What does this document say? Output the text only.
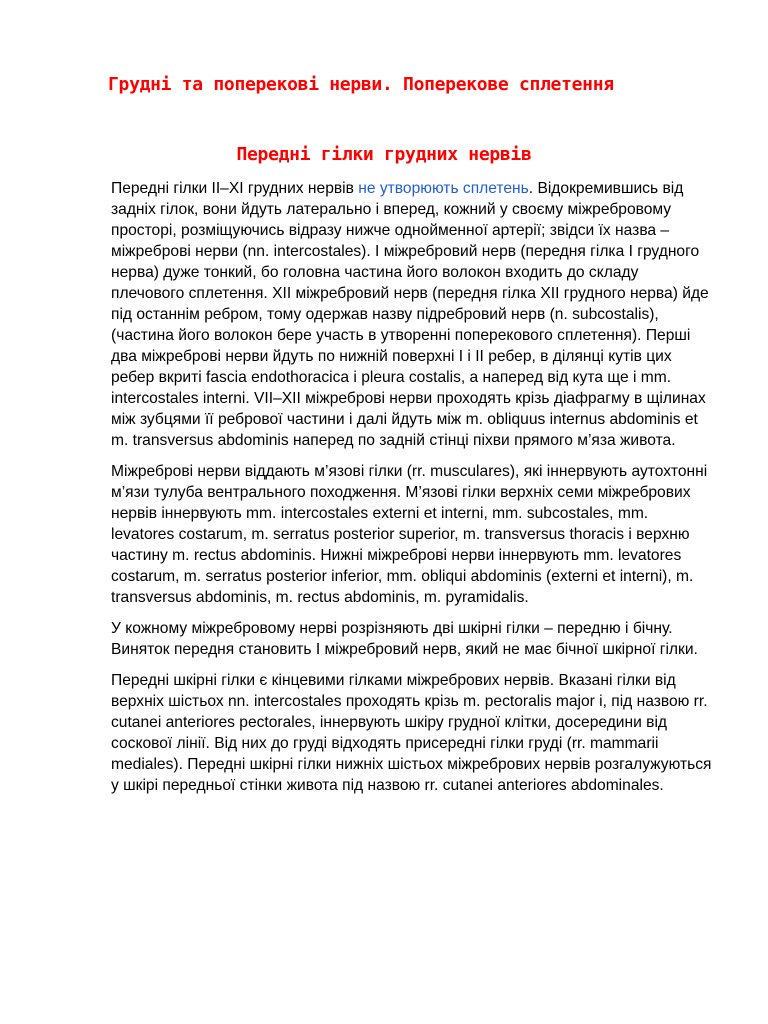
Грудні та поперекові нерви. Поперекове сплетення
Передні гілки грудних нервів

Передні гілки II–XI грудних нервів не утворюють сплетень. Відокремившись від задніх гілок, вони йдуть латерально і вперед, кожний у своєму міжребровому просторі, розміщуючись відразу нижче однойменної артерії; звідси їх назва – міжреброві нерви (nn. intercostales). I міжребровий нерв (передня гілка I грудного нерва) дуже тонкий, бо головна частина його волокон входить до складу плечового сплетення. XII міжребровий нерв (передня гілка XII грудного нерва) йде під останнім ребром, тому одержав назву підребровий нерв (n. subcostalis), (частина його волокон бере участь в утворенні поперекового сплетення). Перші два міжреброві нерви йдуть по нижній поверхні I і II ребер, в ділянці кутів цих ребер вкриті fascia endothoracica і pleura costalis, а наперед від кута ще і mm. intercostales interni. VII–XII міжреброві нерви проходять крізь діафрагму в щілинах між зубцями її ребрової частини і далі йдуть між m. obliquus internus abdominis et m. transversus abdominis наперед по задній стінці піхви прямого м’яза живота.

Міжреброві нерви віддають м’язові гілки (rr. musculares), які іннервують аутохтонні м’язи тулуба вентрального походження. М’язові гілки верхніх семи міжребрових нервів іннервують mm. intercostales externi et interni, mm. subcostales, mm. levatores costarum, m. serratus posterior superior, m. transversus thoracis і верхню частину m. rectus abdominis. Нижні міжреброві нерви іннервують mm. levatores costarum, m. serratus posterior inferior, mm. obliqui abdominis (externi et interni), m. transversus abdominis, m. rectus abdominis, m. pyramidalis.

У кожному міжребровому нерві розрізняють дві шкірні гілки – передню і бічну. Виняток передня становить I міжребровий нерв, який не має бічної шкірної гілки.

Передні шкірні гілки є кінцевими гілками міжребрових нервів. Вказані гілки від верхніх шістьох nn. intercostales проходять крізь m. pectoralis major і, під назвою rr. cutanei anteriores pectorales, іннервують шкіру грудної клітки, досередини від соскової лінії. Від них до груді відходять присередні гілки груді (rr. mammarii mediales). Передні шкірні гілки нижніх шістьох міжребрових нервів розгалужуються у шкірі передньої стінки живота під назвою rr. cutanei anteriores abdominales.
